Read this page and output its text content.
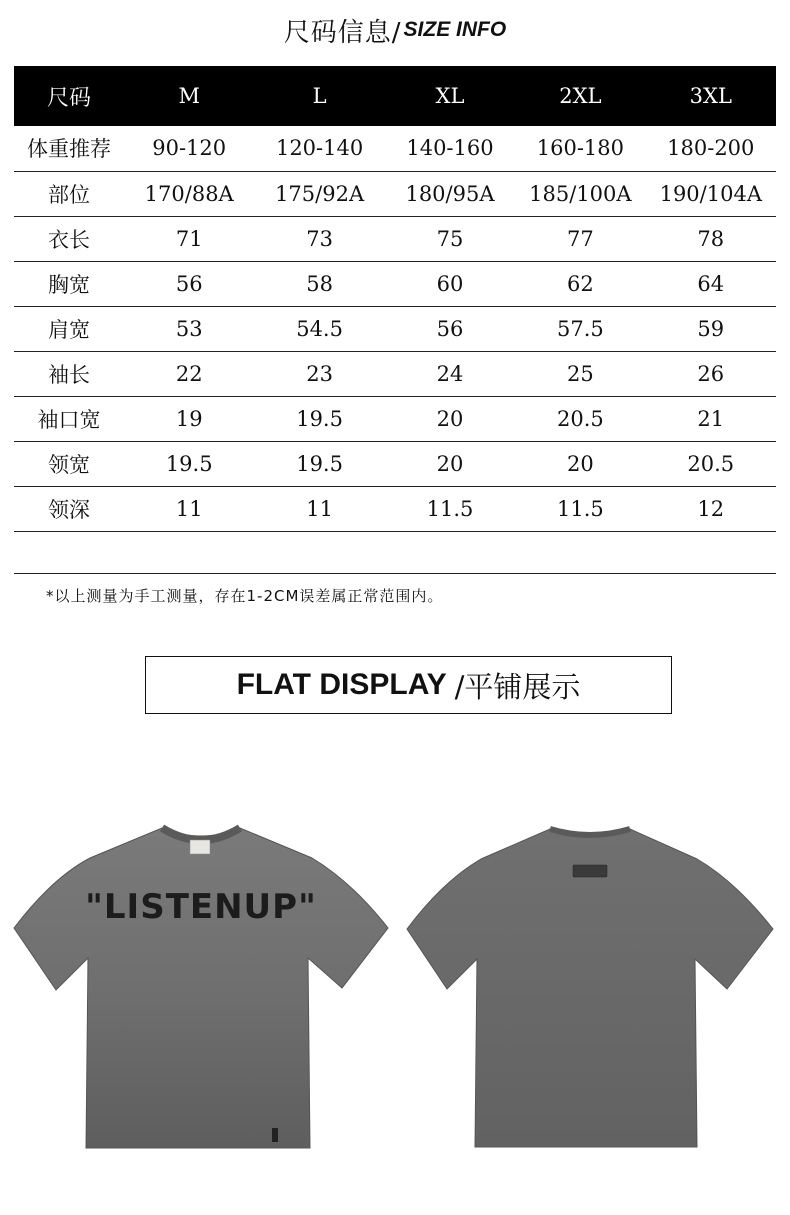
尺码信息/ SIZE INFO
尺码	M	L	XL	2XL	3XL
体重推荐	90-120	120-140	140-160	160-180	180-200
部位	170/88A	175/92A	180/95A	185/100A	190/104A
衣长	71	73	75	77	78
胸宽	56	58	60	62	64
肩宽	53	54.5	56	57.5	59
袖长	22	23	24	25	26
袖口宽	19	19.5	20	20.5	21
领宽	19.5	19.5	20	20	20.5
领深	11	11	11.5	11.5	12

*以上测量为手工测量，存在1-2CM误差属正常范围内。
FLAT DISPLAY /平铺展示
"LISTENUP"
